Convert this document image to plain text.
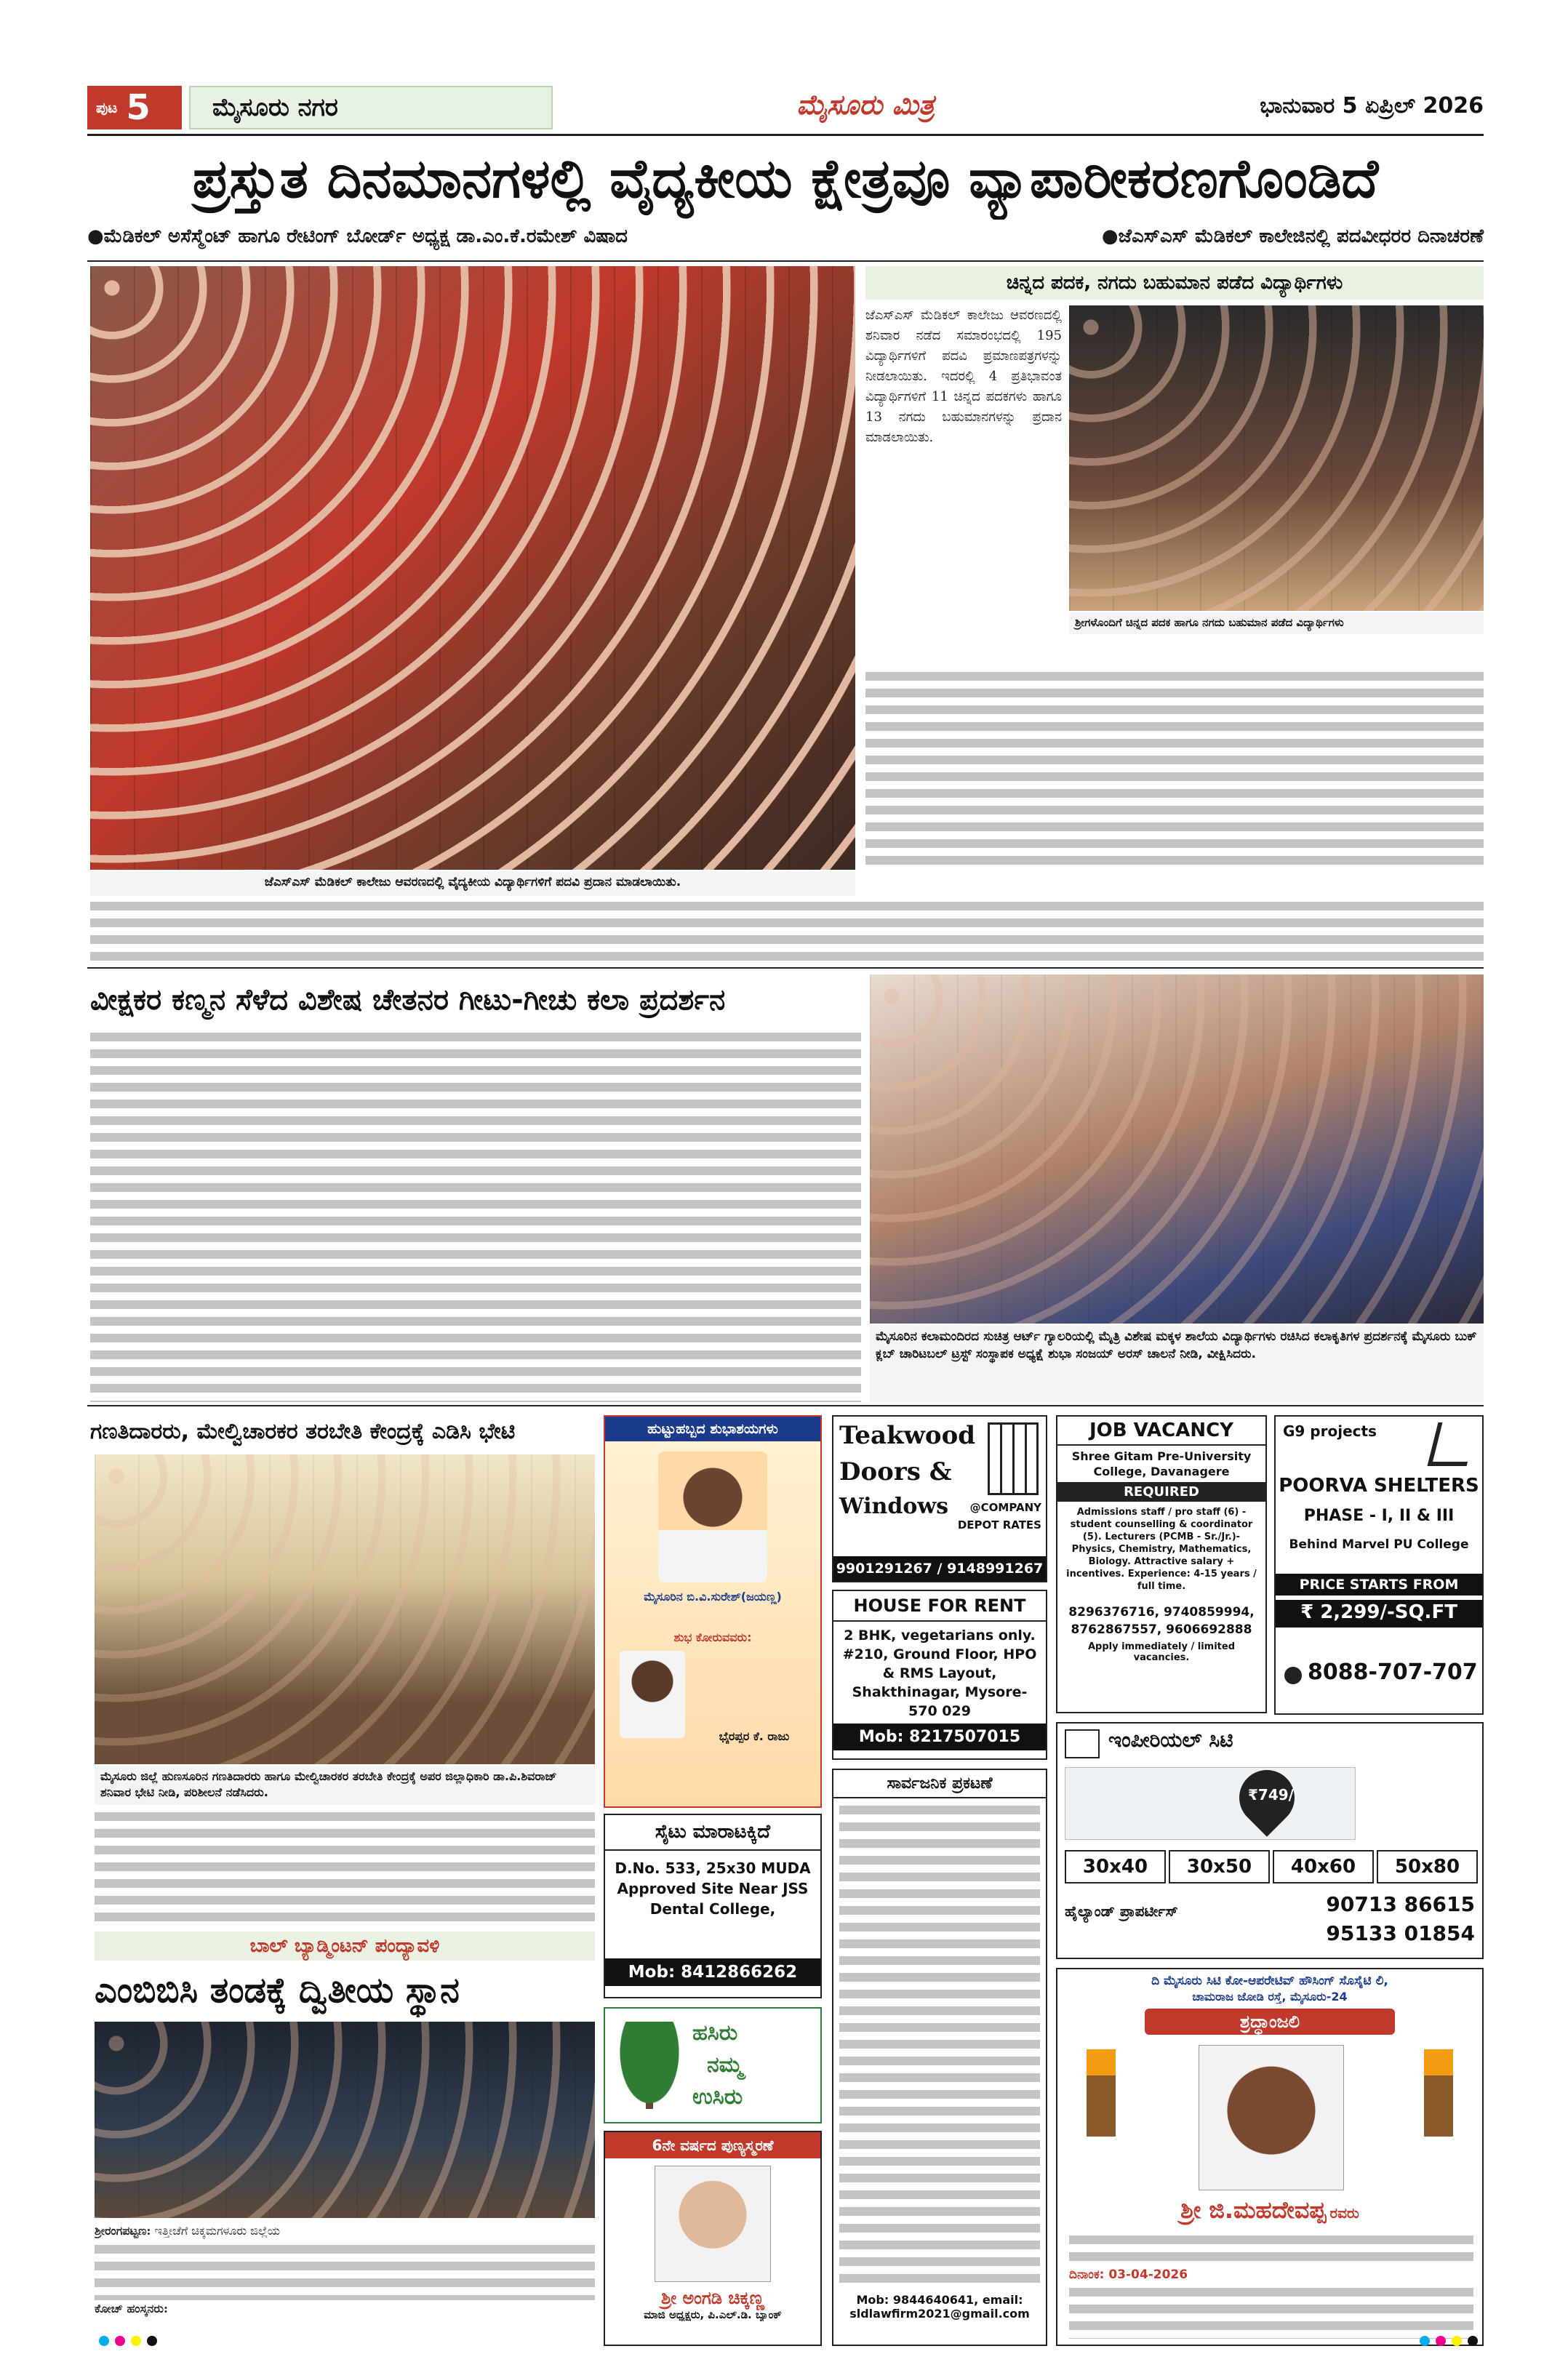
ಪುಟ 5	ಮೈಸೂರು ನಗರ	ಮೈಸೂರು ಮಿತ್ರ	ಭಾನುವಾರ 5 ಏಪ್ರಿಲ್ 2026
ಪ್ರಸ್ತುತ ದಿನಮಾನಗಳಲ್ಲಿ ವೈದ್ಯಕೀಯ ಕ್ಷೇತ್ರವೂ ವ್ಯಾಪಾರೀಕರಣಗೊಂಡಿದೆ
●ಮೆಡಿಕಲ್ ಅಸೆಸ್ಮೆಂಟ್ ಹಾಗೂ ರೇಟಿಂಗ್ ಬೋರ್ಡ್ ಅಧ್ಯಕ್ಷ ಡಾ.ಎಂ.ಕೆ.ರಮೇಶ್ ವಿಷಾದ	●ಜೆಎಸ್ಎಸ್ ಮೆಡಿಕಲ್ ಕಾಲೇಜಿನಲ್ಲಿ ಪದವೀಧರರ ದಿನಾಚರಣೆ
ಜೆಎಸ್ಎಸ್ ಮೆಡಿಕಲ್ ಕಾಲೇಜು ಆವರಣದಲ್ಲಿ ವೈದ್ಯಕೀಯ ವಿದ್ಯಾರ್ಥಿಗಳಿಗೆ ಪದವಿ ಪ್ರದಾನ ಮಾಡಲಾಯಿತು.
ಚಿನ್ನದ ಪದಕ, ನಗದು ಬಹುಮಾನ ಪಡೆದ ವಿದ್ಯಾರ್ಥಿಗಳು
ಜೆಎಸ್ಎಸ್ ಮೆಡಿಕಲ್ ಕಾಲೇಜು ಆವರಣದಲ್ಲಿ ಶನಿವಾರ ನಡೆದ ಸಮಾರಂಭದಲ್ಲಿ 195 ವಿದ್ಯಾರ್ಥಿಗಳಿಗೆ ಪದವಿ ಪ್ರಮಾಣಪತ್ರಗಳನ್ನು ನೀಡಲಾಯಿತು. ಇದರಲ್ಲಿ 4 ಪ್ರತಿಭಾವಂತ ವಿದ್ಯಾರ್ಥಿಗಳಿಗೆ 11 ಚಿನ್ನದ ಪದಕಗಳು ಹಾಗೂ 13 ನಗದು ಬಹುಮಾನಗಳನ್ನು ಪ್ರದಾನ ಮಾಡಲಾಯಿತು.
ಶ್ರೀಗಳೊಂದಿಗೆ ಚಿನ್ನದ ಪದಕ ಹಾಗೂ ನಗದು ಬಹುಮಾನ ಪಡೆದ ವಿದ್ಯಾರ್ಥಿಗಳು
ವೀಕ್ಷಕರ ಕಣ್ಮನ ಸೆಳೆದ ವಿಶೇಷ ಚೇತನರ ಗೀಟು-ಗೀಚು ಕಲಾ ಪ್ರದರ್ಶನ
ಮೈಸೂರಿನ ಕಲಾಮಂದಿರದ ಸುಚಿತ್ರ ಆರ್ಟ್ ಗ್ಯಾಲರಿಯಲ್ಲಿ ಮೈತ್ರಿ ವಿಶೇಷ ಮಕ್ಕಳ ಶಾಲೆಯ ವಿದ್ಯಾರ್ಥಿಗಳು ರಚಿಸಿದ ಕಲಾಕೃತಿಗಳ ಪ್ರದರ್ಶನಕ್ಕೆ ಮೈಸೂರು ಬುಕ್ ಕ್ಲಬ್ ಚಾರಿಟಬಲ್ ಟ್ರಸ್ಟ್ ಸಂಸ್ಥಾಪಕ ಅಧ್ಯಕ್ಷೆ ಶುಭಾ ಸಂಜಯ್ ಅರಸ್ ಚಾಲನೆ ನೀಡಿ, ವೀಕ್ಷಿಸಿದರು.
ಗಣತಿದಾರರು, ಮೇಲ್ವಿಚಾರಕರ ತರಬೇತಿ ಕೇಂದ್ರಕ್ಕೆ ಎಡಿಸಿ ಭೇಟಿ
ಮೈಸೂರು ಜಿಲ್ಲೆ ಹುಣಸೂರಿನ ಗಣತಿದಾರರು ಹಾಗೂ ಮೇಲ್ವಿಚಾರಕರ ತರಬೇತಿ ಕೇಂದ್ರಕ್ಕೆ ಅಪರ ಜಿಲ್ಲಾಧಿಕಾರಿ ಡಾ.ಪಿ.ಶಿವರಾಜ್ ಶನಿವಾರ ಭೇಟಿ ನೀಡಿ, ಪರಿಶೀಲನೆ ನಡೆಸಿದರು.
ಬಾಲ್ ಬ್ಯಾಡ್ಮಿಂಟನ್ ಪಂದ್ಯಾವಳಿ
ಎಂಬಿಬಿಸಿ ತಂಡಕ್ಕೆ ದ್ವಿತೀಯ ಸ್ಥಾನ

ಶ್ರೀರಂಗಪಟ್ಟಣ: ಇತ್ತೀಚೆಗೆ ಚಿಕ್ಕಮಗಳೂರು ಜಿಲ್ಲೆಯ

ಕೋಚ್ ಹಂಸ್ಕನರು:

ಹುಟ್ಟುಹಬ್ಬದ ಶುಭಾಶಯಗಳು
ಮೈಸೂರಿನ ಬಿ.ವಿ.ಸುರೇಶ್(ಜಯಣ್ಣ)
ಶುಭ ಕೋರುವವರು:
ಭೈರಪ್ಪರ ಕೆ. ರಾಜು
ಸೈಟು ಮಾರಾಟಕ್ಕಿದೆ
D.No. 533, 25x30 MUDA Approved Site Near JSS Dental College,
Mob: 8412866262
ಹಸಿರು
ನಮ್ಮ
ಉಸಿರು
6ನೇ ವರ್ಷದ ಪುಣ್ಯಸ್ಮರಣೆ
ಶ್ರೀ ಅಂಗಡಿ ಚಿಕ್ಕಣ್ಣ
ಮಾಜಿ ಅಧ್ಯಕ್ಷರು, ಪಿ.ಎಲ್.ಡಿ. ಬ್ಯಾಂಕ್
Teakwood
Doors &
Windows @COMPANY
DEPOT RATES
9901291267 / 9148991267
HOUSE FOR RENT
2 BHK, vegetarians only. #210, Ground Floor, HPO & RMS Layout, Shakthinagar, Mysore-570 029
Mob: 8217507015
ಸಾರ್ವಜನಿಕ ಪ್ರಕಟಣೆ
Mob: 9844640641, email:
sldlawfirm2021@gmail.com
JOB VACANCY
Shree Gitam Pre-University College, Davanagere
REQUIRED
Admissions staff / pro staff (6) - student counselling & coordinator (5). Lecturers (PCMB - Sr./Jr.)- Physics, Chemistry, Mathematics, Biology. Attractive salary + incentives. Experience: 4-15 years / full time.
8296376716, 9740859994, 8762867557, 9606692888
Apply immediately / limited vacancies.
ಇಂಪೀರಿಯಲ್ ಸಿಟಿ
₹749/
30x40	30x50	40x60	50x80
ಹೈಲ್ಯಾಂಡ್ ಪ್ರಾಪರ್ಟೀಸ್	90713 86615
95133 01854
G9 projects
POORVA SHELTERS
PHASE - I, II & III
Behind Marvel PU College
PRICE STARTS FROM
₹ 2,299/-SQ.FT
8088-707-707
ದಿ ಮೈಸೂರು ಸಿಟಿ ಕೋ-ಆಪರೇಟಿವ್ ಹೌಸಿಂಗ್ ಸೊಸೈಟಿ ಲಿ,
ಚಾಮರಾಜ ಜೋಡಿ ರಸ್ತೆ, ಮೈಸೂರು-24
ಶ್ರದ್ಧಾಂಜಲಿ
ಶ್ರೀ ಜಿ.ಮಹದೇವಪ್ಪ ರವರು
ದಿನಾಂಕ: 03-04-2026
